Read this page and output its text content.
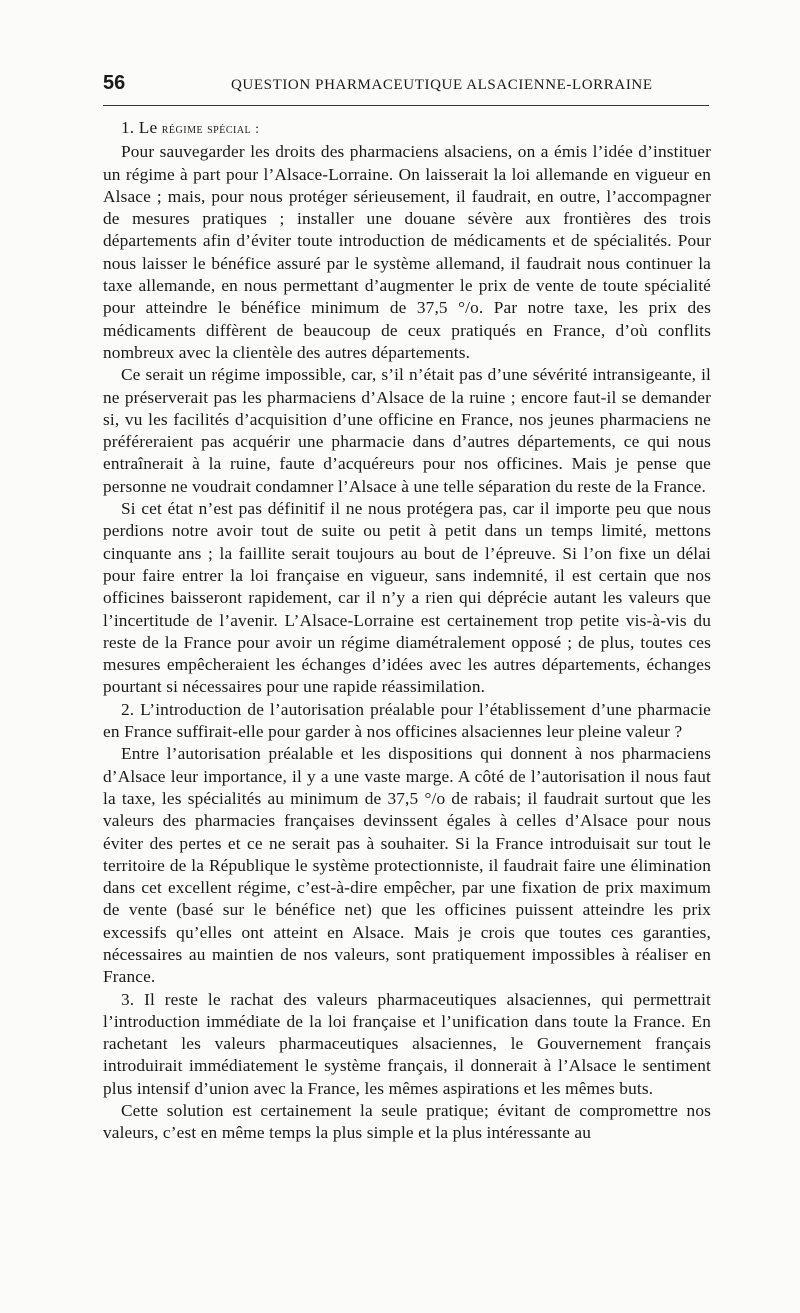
56	QUESTION PHARMACEUTIQUE ALSACIENNE-LORRAINE

1. Le régime spécial :

Pour sauvegarder les droits des pharmaciens alsaciens, on a émis l’idée d’instituer un régime à part pour l’Alsace-Lorraine. On laisserait la loi allemande en vigueur en Alsace ; mais, pour nous protéger sérieusement, il faudrait, en outre, l’accompagner de mesures pratiques ; installer une douane sévère aux frontières des trois départements afin d’éviter toute introduction de médicaments et de spécialités. Pour nous laisser le bénéfice assuré par le système allemand, il faudrait nous continuer la taxe allemande, en nous permettant d’augmenter le prix de vente de toute spécialité pour atteindre le bénéfice minimum de 37,5 °/o. Par notre taxe, les prix des médicaments diffèrent de beaucoup de ceux pratiqués en France, d’où conflits nombreux avec la clientèle des autres départements.

Ce serait un régime impossible, car, s’il n’était pas d’une sévérité intransigeante, il ne préserverait pas les pharmaciens d’Alsace de la ruine ; encore faut-il se demander si, vu les facilités d’acquisition d’une officine en France, nos jeunes pharmaciens ne préféreraient pas acquérir une pharmacie dans d’autres départements, ce qui nous entraînerait à la ruine, faute d’acquéreurs pour nos officines. Mais je pense que personne ne voudrait condamner l’Alsace à une telle séparation du reste de la France.

Si cet état n’est pas définitif il ne nous protégera pas, car il importe peu que nous perdions notre avoir tout de suite ou petit à petit dans un temps limité, mettons cinquante ans ; la faillite serait toujours au bout de l’épreuve. Si l’on fixe un délai pour faire entrer la loi française en vigueur, sans indemnité, il est certain que nos officines baisseront rapidement, car il n’y a rien qui déprécie autant les valeurs que l’incertitude de l’avenir. L’Alsace-Lorraine est certainement trop petite vis-à-vis du reste de la France pour avoir un régime diamétralement opposé ; de plus, toutes ces mesures empêcheraient les échanges d’idées avec les autres départements, échanges pourtant si nécessaires pour une rapide réassimilation.

2. L’introduction de l’autorisation préalable pour l’établissement d’une pharmacie en France suffirait-elle pour garder à nos officines alsaciennes leur pleine valeur ?

Entre l’autorisation préalable et les dispositions qui donnent à nos pharmaciens d’Alsace leur importance, il y a une vaste marge. A côté de l’autorisation il nous faut la taxe, les spécialités au minimum de 37,5 °/o de rabais; il faudrait surtout que les valeurs des pharmacies françaises devinssent égales à celles d’Alsace pour nous éviter des pertes et ce ne serait pas à souhaiter. Si la France introduisait sur tout le territoire de la République le système protectionniste, il faudrait faire une élimination dans cet excellent régime, c’est-à-dire empêcher, par une fixation de prix maximum de vente (basé sur le bénéfice net) que les officines puissent atteindre les prix excessifs qu’elles ont atteint en Alsace. Mais je crois que toutes ces garanties, nécessaires au maintien de nos valeurs, sont pratiquement impossibles à réaliser en France.

3. Il reste le rachat des valeurs pharmaceutiques alsaciennes, qui permettrait l’introduction immédiate de la loi française et l’unification dans toute la France. En rachetant les valeurs pharmaceutiques alsaciennes, le Gouvernement français introduirait immédiatement le système français, il donnerait à l’Alsace le sentiment plus intensif d’union avec la France, les mêmes aspirations et les mêmes buts.

Cette solution est certainement la seule pratique; évitant de compromettre nos valeurs, c’est en même temps la plus simple et la plus intéressante au
